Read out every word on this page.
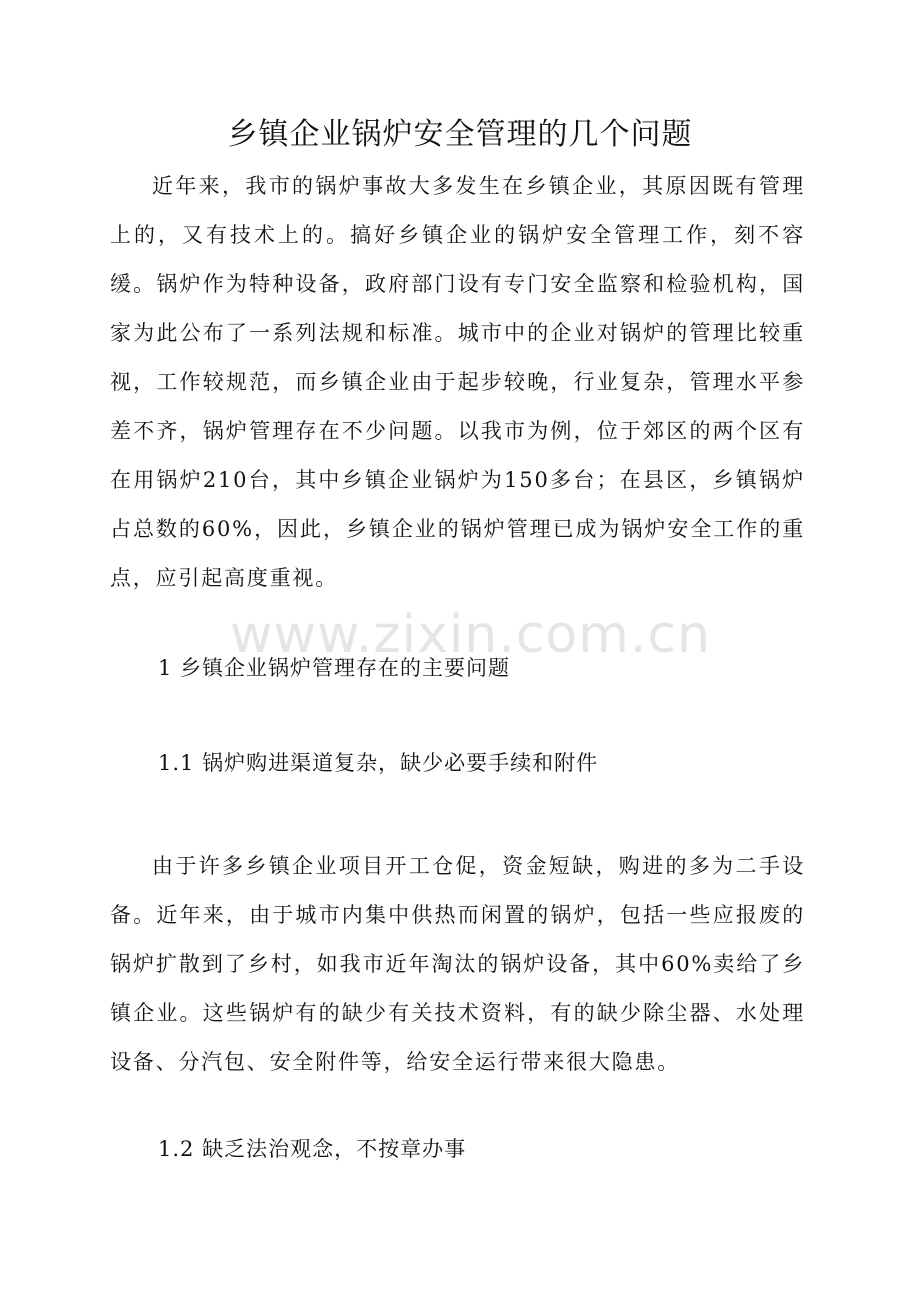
乡镇企业锅炉安全管理的几个问题

近年来，我市的锅炉事故大多发生在乡镇企业，其原因既有管理上的，又有技术上的。搞好乡镇企业的锅炉安全管理工作，刻不容缓。锅炉作为特种设备，政府部门设有专门安全监察和检验机构，国家为此公布了一系列法规和标准。城市中的企业对锅炉的管理比较重视，工作较规范，而乡镇企业由于起步较晚，行业复杂，管理水平参差不齐，锅炉管理存在不少问题。以我市为例，位于郊区的两个区有在用锅炉210台，其中乡镇企业锅炉为150多台；在县区，乡镇锅炉占总数的60%，因此，乡镇企业的锅炉管理已成为锅炉安全工作的重点，应引起高度重视。

1 乡镇企业锅炉管理存在的主要问题

1.1 锅炉购进渠道复杂，缺少必要手续和附件

由于许多乡镇企业项目开工仓促，资金短缺，购进的多为二手设备。近年来，由于城市内集中供热而闲置的锅炉，包括一些应报废的锅炉扩散到了乡村，如我市近年淘汰的锅炉设备，其中60%卖给了乡镇企业。这些锅炉有的缺少有关技术资料，有的缺少除尘器、水处理设备、分汽包、安全附件等，给安全运行带来很大隐患。

1.2 缺乏法治观念，不按章办事

www.zixin.com.cn
